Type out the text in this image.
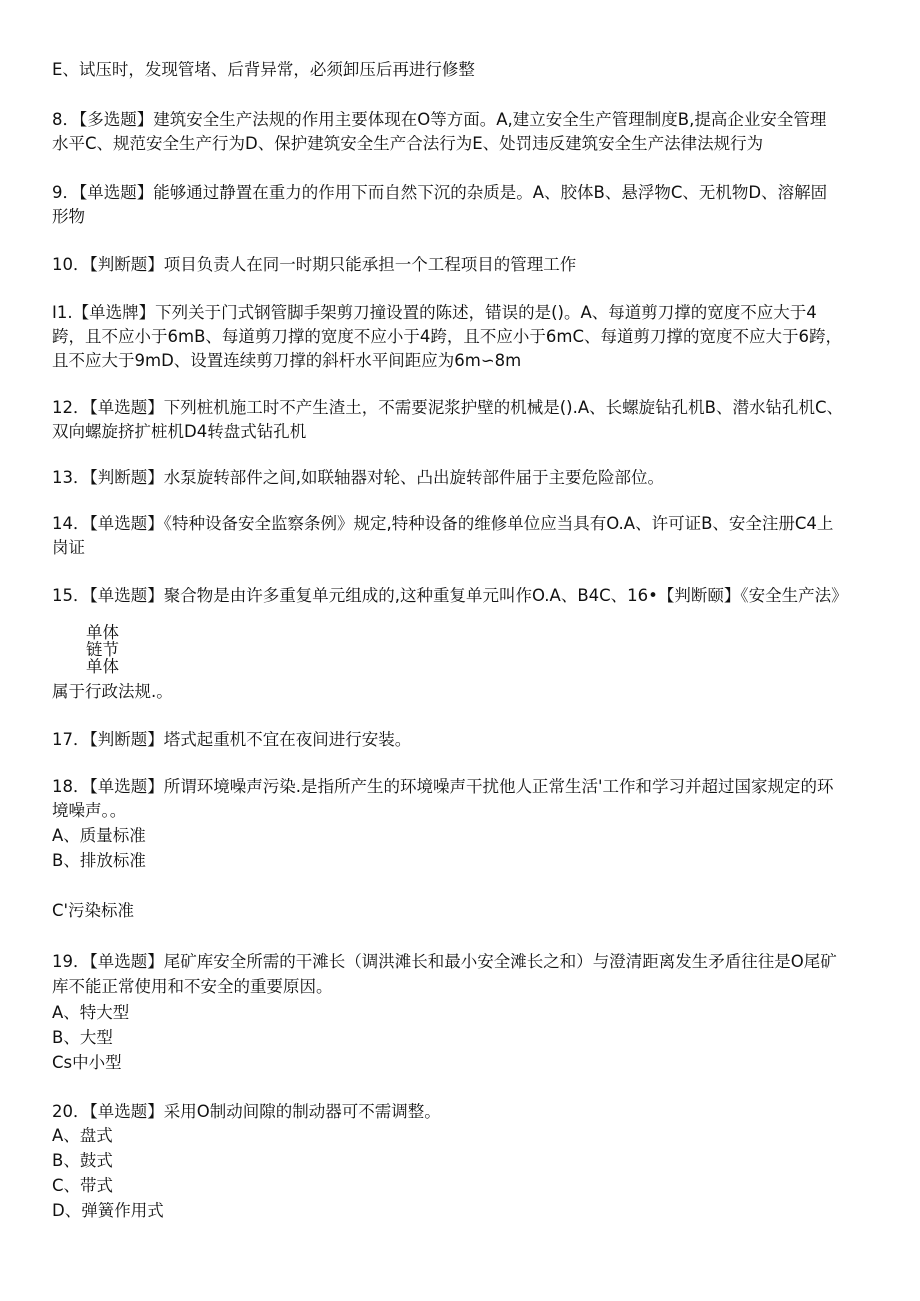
E、试压时，发现管堵、后背异常，必须卸压后再进行修整
8．【多选题】建筑安全生产法规的作用主要体现在O等方面。A,建立安全生产管理制度B,提高企业安全管理
水平C、规范安全生产行为D、保护建筑安全生产合法行为E、处罚违反建筑安全生产法律法规行为
9．【单选题】能够通过静置在重力的作用下而自然下沉的杂质是。A、胶体B、悬浮物C、无机物D、溶解固
形物
10．【判断题】项目负责人在同一时期只能承担一个工程项目的管理工作
I1.【单选牌】下列关于门式钢管脚手架剪刀撞设置的陈述，错误的是()。A、每道剪刀撑的宽度不应大于4
跨，且不应小于6mB、每道剪刀撑的宽度不应小于4跨，且不应小于6mC、每道剪刀撑的宽度不应大于6跨，
且不应大于9mD、设置连续剪刀撑的斜杆水平间距应为6m∽8m
12．【单选题】下列桩机施工时不产生渣土，不需要泥浆护壁的机械是().A、长螺旋钻孔机B、潜水钻孔机C、
双向螺旋挤扩桩机D4转盘式钻孔机
13．【判断题】水泵旋转部件之间,如联轴器对轮、凸出旋转部件届于主要危险部位。
14．【单选题】《特种设备安全监察条例》规定,特种设备的维修单位应当具有O.A、许可证B、安全注册C4上
岗证
15．【单选题】聚合物是由许多重复单元组成的,这种重复单元叫作O.A、B4C、16•【判断颐】《安全生产法》
单体
链节
单体
属于行政法规.。
17．【判断题】塔式起重机不宜在夜间进行安装。
18．【单选题】所谓环境噪声污染.是指所产生的环境噪声干扰他人正常生活'工作和学习并超过国家规定的环
境噪声。。
A、质量标准
B、排放标准
C'污染标准
19．【单选题】尾矿库安全所需的干滩长（调洪滩长和最小安全滩长之和）与澄清距离发生矛盾往往是O尾矿
库不能正常使用和不安全的重要原因。
A、特大型
B、大型
Cs中小型
20．【单选题】采用O制动间隙的制动器可不需调整。
A、盘式
B、鼓式
C、带式
D、弹簧作用式
